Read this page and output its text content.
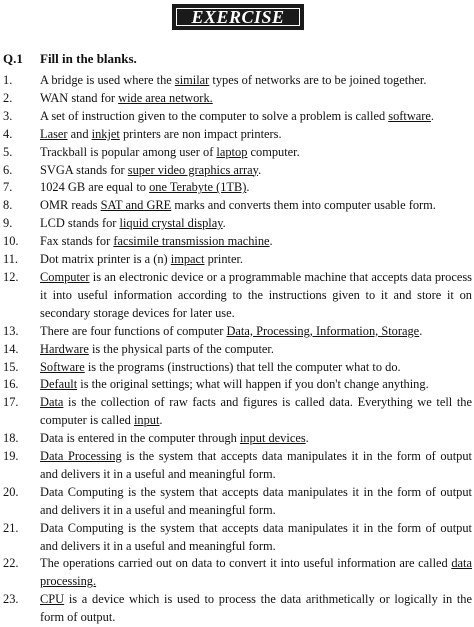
EXERCISE
Q.1 Fill in the blanks.
1. A bridge is used where the similar types of networks are to be joined together.
2. WAN stand for wide area network.
3. A set of instruction given to the computer to solve a problem is called software.
4. Laser and inkjet printers are non impact printers.
5. Trackball is popular among user of laptop computer.
6. SVGA stands for super video graphics array.
7. 1024 GB are equal to one Terabyte (1TB).
8. OMR reads SAT and GRE marks and converts them into computer usable form.
9. LCD stands for liquid crystal display.
10. Fax stands for facsimile transmission machine.
11. Dot matrix printer is a (n) impact printer.
12. Computer is an electronic device or a programmable machine that accepts data process it into useful information according to the instructions given to it and store it on secondary storage devices for later use.
13. There are four functions of computer Data, Processing, Information, Storage.
14. Hardware is the physical parts of the computer.
15. Software is the programs (instructions) that tell the computer what to do.
16. Default is the original settings; what will happen if you don't change anything.
17. Data is the collection of raw facts and figures is called data. Everything we tell the computer is called input.
18. Data is entered in the computer through input devices.
19. Data Processing is the system that accepts data manipulates it in the form of output and delivers it in a useful and meaningful form.
20. Data Computing is the system that accepts data manipulates it in the form of output and delivers it in a useful and meaningful form.
21. Data Computing is the system that accepts data manipulates it in the form of output and delivers it in a useful and meaningful form.
22. The operations carried out on data to convert it into useful information are called data processing.
23. CPU is a device which is used to process the data arithmetically or logically in the form of output.
